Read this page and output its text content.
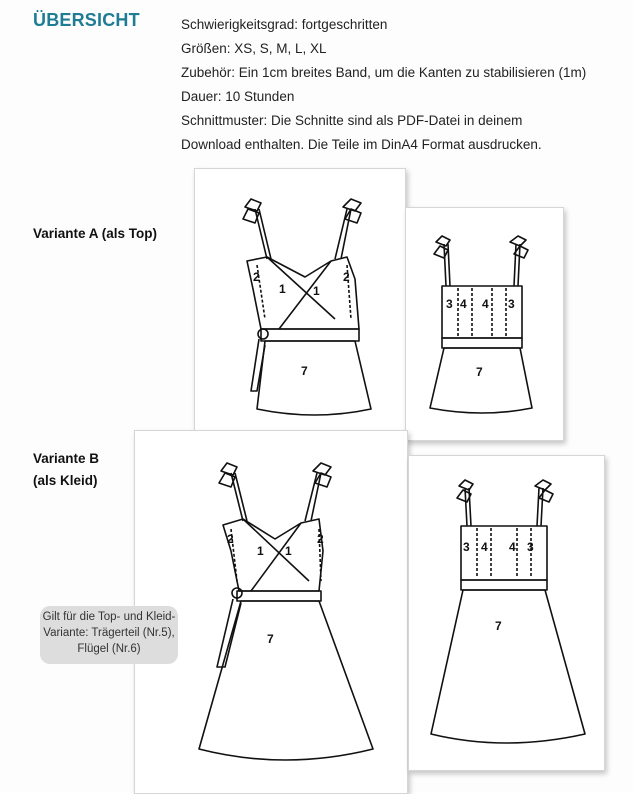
ÜBERSICHT	Schwierigkeitsgrad: fortgeschritten

Größen: XS, S, M, L, XL

Zubehör: Ein 1cm breites Band, um die Kanten zu stabilisieren (1m)

Dauer: 10 Stunden

Schnittmuster: Die Schnitte sind als PDF-Datei in deinem

Download enthalten. Die Teile im DinA4 Format ausdrucken.

Variante A (als Top)
Variante B
(als Kleid)
2
1 1
2
7
3 4 4 3
7
2
1 1
2
7
3 4 4 3
7
Gilt für die Top- und Kleid-Variante: Trägerteil (Nr.5), Flügel (Nr.6)
